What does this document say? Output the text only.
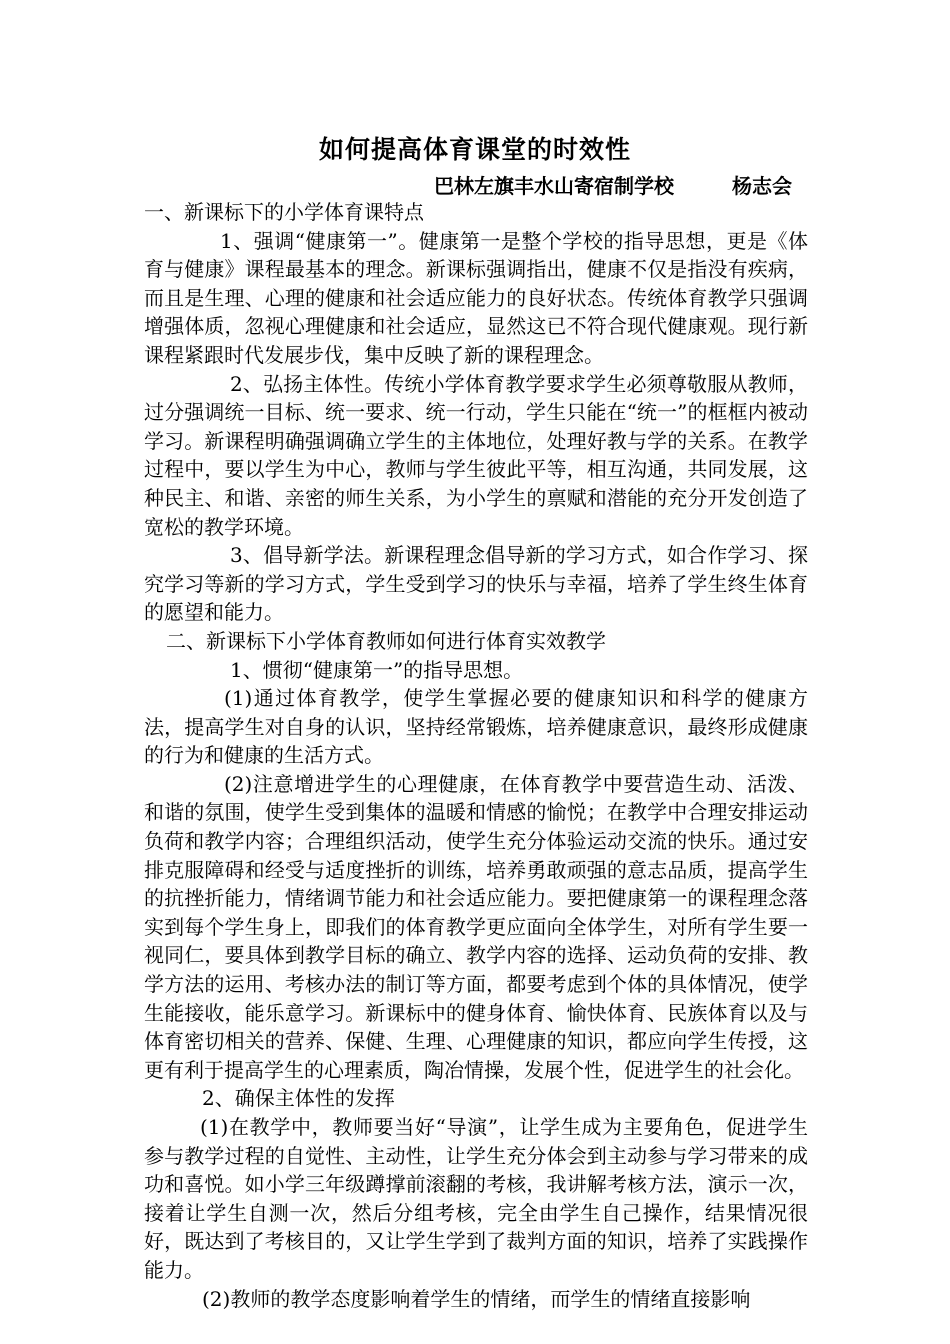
如何提高体育课堂的时效性
巴林左旗丰水山寄宿制学校	杨志会

一、新课标下的小学体育课特点

1、强调“健康第一”。健康第一是整个学校的指导思想，更是《体育与健康》课程最基本的理念。新课标强调指出，健康不仅是指没有疾病，而且是生理、心理的健康和社会适应能力的良好状态。传统体育教学只强调增强体质，忽视心理健康和社会适应，显然这已不符合现代健康观。现行新课程紧跟时代发展步伐，集中反映了新的课程理念。

2、弘扬主体性。传统小学体育教学要求学生必须尊敬服从教师，过分强调统一目标、统一要求、统一行动，学生只能在“统一”的框框内被动学习。新课程明确强调确立学生的主体地位，处理好教与学的关系。在教学过程中，要以学生为中心，教师与学生彼此平等，相互沟通，共同发展，这种民主、和谐、亲密的师生关系，为小学生的禀赋和潜能的充分开发创造了宽松的教学环境。

3、倡导新学法。新课程理念倡导新的学习方式，如合作学习、探究学习等新的学习方式，学生受到学习的快乐与幸福，培养了学生终生体育的愿望和能力。

二、新课标下小学体育教师如何进行体育实效教学

1、惯彻“健康第一”的指导思想。

(1)通过体育教学，使学生掌握必要的健康知识和科学的健康方法，提高学生对自身的认识，坚持经常锻炼，培养健康意识，最终形成健康的行为和健康的生活方式。

(2)注意增进学生的心理健康，在体育教学中要营造生动、活泼、和谐的氛围，使学生受到集体的温暖和情感的愉悦；在教学中合理安排运动负荷和教学内容；合理组织活动，使学生充分体验运动交流的快乐。通过安排克服障碍和经受与适度挫折的训练，培养勇敢顽强的意志品质，提高学生的抗挫折能力，情绪调节能力和社会适应能力。要把健康第一的课程理念落实到每个学生身上，即我们的体育教学更应面向全体学生，对所有学生要一视同仁，要具体到教学目标的确立、教学内容的选择、运动负荷的安排、教学方法的运用、考核办法的制订等方面，都要考虑到个体的具体情况，使学生能接收，能乐意学习。新课标中的健身体育、愉快体育、民族体育以及与体育密切相关的营养、保健、生理、心理健康的知识，都应向学生传授，这更有利于提高学生的心理素质，陶冶情操，发展个性，促进学生的社会化。

2、确保主体性的发挥

(1)在教学中，教师要当好“导演”，让学生成为主要角色，促进学生参与教学过程的自觉性、主动性，让学生充分体会到主动参与学习带来的成功和喜悦。如小学三年级蹲撑前滚翻的考核，我讲解考核方法，演示一次，接着让学生自测一次，然后分组考核，完全由学生自己操作，结果情况很好，既达到了考核目的，又让学生学到了裁判方面的知识，培养了实践操作能力。

(2)教师的教学态度影响着学生的情绪，而学生的情绪直接影响
